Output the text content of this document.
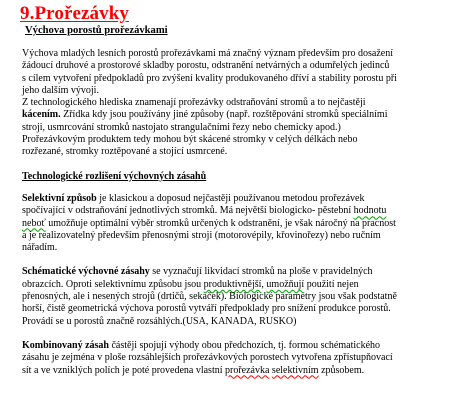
9.Prořezávky
Výchova porostů prořezávkami

Výchova mladých lesních porostů prořezávkami má značný význam především pro dosažení
žádoucí druhové a prostorové skladby porostu, odstranění netvárných a odumřelých jedinců
s cílem vytvoření předpokladů pro zvýšení kvality produkovaného dříví a stability porostu při
jeho dalším vývoji.

Z technologického hlediska znamenají prořezávky odstraňování stromů a to nejčastěji
kácením. Zřídka kdy jsou používány jiné způsoby (např. rozštěpování stromků speciálními
stroji, usmrcování stromků nastojato strangulačními řezy nebo chemicky apod.)
Prořezávkovým produktem tedy mohou být skácené stromky v celých délkách nebo
rozřezané, stromky roztěpované a stojící usmrcené.

Technologické rozlišení výchovných zásahů

Selektivní způsob je klasickou a doposud nejčastěji používanou metodou prořezávek
spočívající v odstraňování jednotlivých stromků. Má největší biologicko- pěstební hodnotu
neboť umožňuje optimální výběr stromků určených k odstranění, je však náročný na pracnost
a je realizovatelný především přenosnými stroji (motorovépily, křovinořezy) nebo ručním
nářadím.

Schématické výchovné zásahy se vyznačují likvidací stromků na ploše v pravidelných
obrazcích. Oproti selektivnímu způsobu jsou produktivnější, umožňují použití nejen
přenosných, ale i nesených strojů (drtičů, sekaček). Biologické parametry jsou však podstatně
horší, čistě geometrická výchova porostů vytváří předpoklady pro snížení produkce porostů.
Provádí se u porostů značně rozsáhlých.(USA, KANADA, RUSKO)

Kombinovaný zásah částěji spojují výhody obou předchozích, tj. formou schématického
zásahu je zejména v ploše rozsáhlejších prořezávkových porostech vytvořena zpřístupňovací
sít a ve vzniklých polích je poté provedena vlastní prořezávka selektivním způsobem.
